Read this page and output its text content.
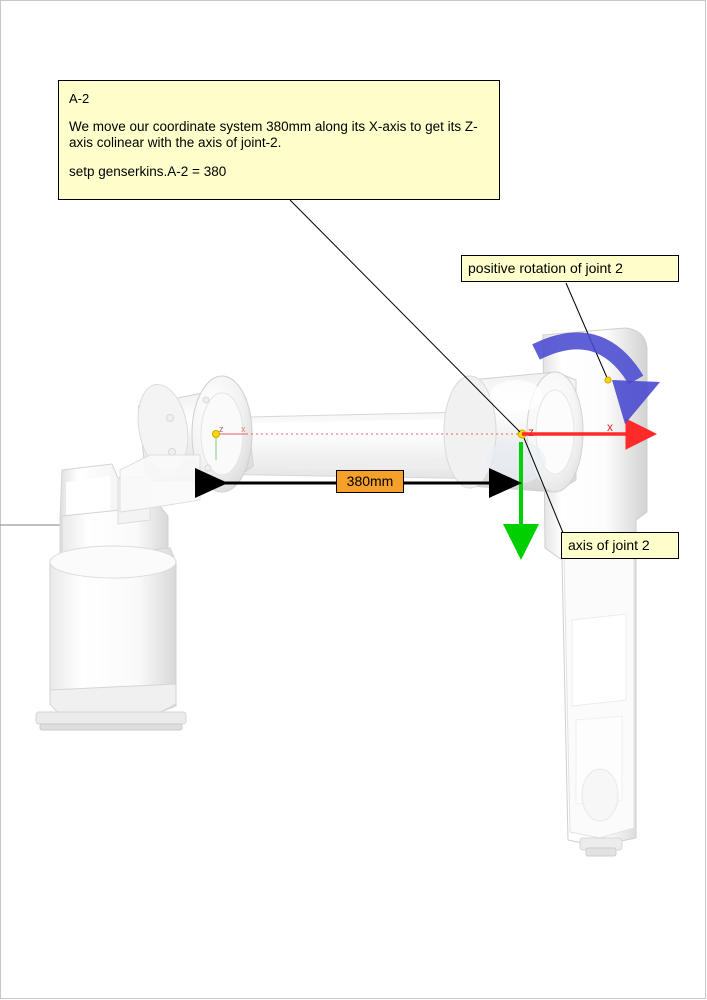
z x	z	x

A-2

We move our coordinate system 380mm along its X-axis to get its Z-axis colinear with the axis of joint-2.

setp genserkins.A-2 = 380

positive rotation of joint 2
axis of joint 2
380mm
